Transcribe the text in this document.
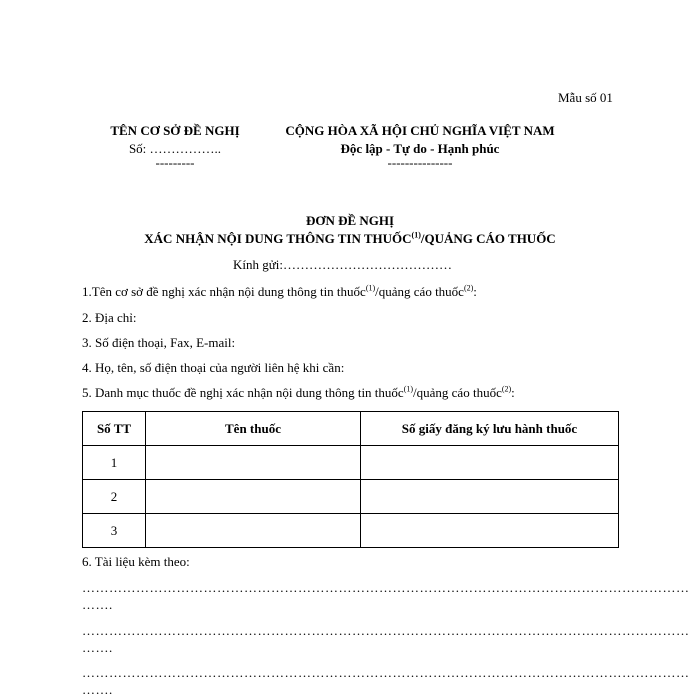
Mẫu số 01
TÊN CƠ SỞ ĐỀ NGHỊ
Số: ……………..
---------
CỘNG HÒA XÃ HỘI CHỦ NGHĨA VIỆT NAM
Độc lập - Tự do - Hạnh phúc
---------------
ĐƠN ĐỀ NGHỊ
XÁC NHẬN NỘI DUNG THÔNG TIN THUỐC$^{(1)}$/QUẢNG CÁO THUỐC
Kính gửi:…………………………………
1.Tên cơ sở đề nghị xác nhận nội dung thông tin thuốc$^{(1)}$/quảng cáo thuốc$^{(2)}$:
2. Địa chỉ:
3. Số điện thoại, Fax, E-mail:
4. Họ, tên, số điện thoại của người liên hệ khi cần:
5. Danh mục thuốc đề nghị xác nhận nội dung thông tin thuốc$^{(1)}$/quảng cáo thuốc$^{(2)}$:
Số TT	Tên thuốc	Số giấy đăng ký lưu hành thuốc
1		
2		
3		
6. Tài liệu kèm theo:
………………………………………………………………………………………………………………………
…….
………………………………………………………………………………………………………………………
…….
………………………………………………………………………………………………………………………
…….
